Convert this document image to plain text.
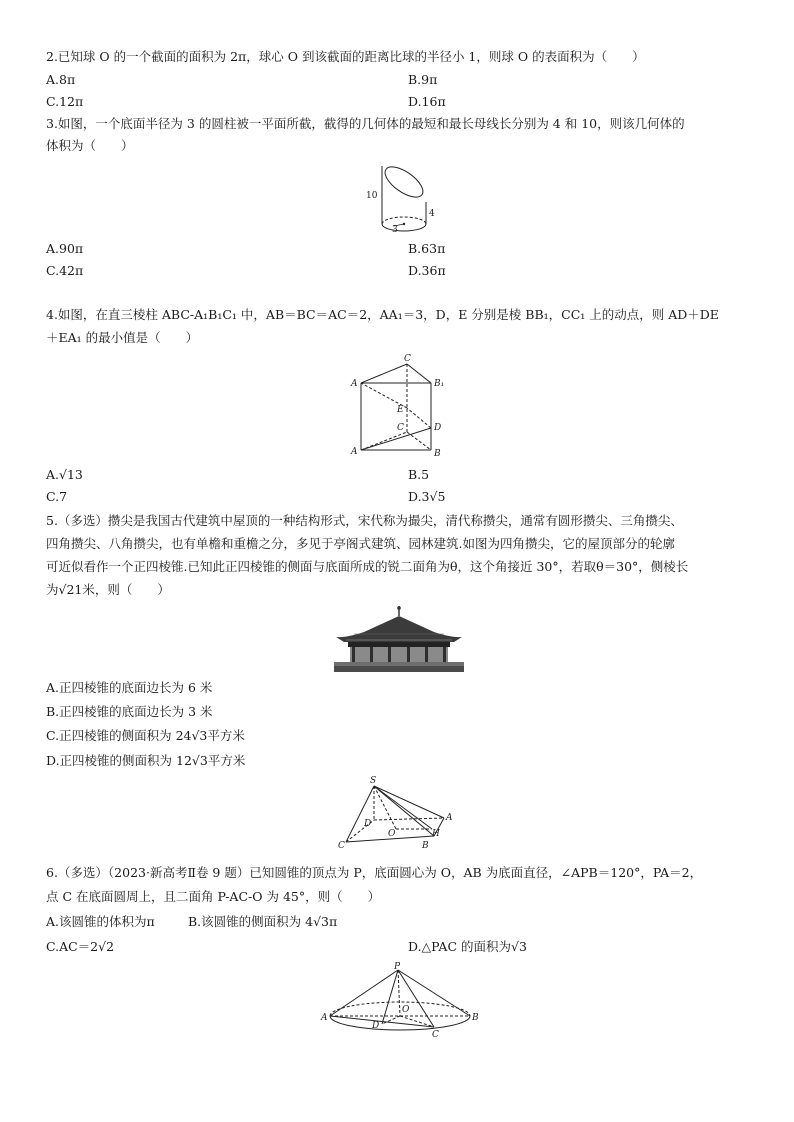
2.已知球 O 的一个截面的面积为 2π，球心 O 到该截面的距离比球的半径小 1，则球 O 的表面积为（　　）
A.8π	B.9π
C.12π	D.16π
3.如图，一个底面半径为 3 的圆柱被一平面所截，截得的几何体的最短和最长母线长分别为 4 和 10，则该几何体的
体积为（　　）
10
4
3
A.90π	B.63π
C.42π	D.36π
4.如图，在直三棱柱 ABC-A₁B₁C₁ 中，AB＝BC＝AC＝2，AA₁＝3，D，E 分别是棱 BB₁，CC₁ 上的动点，则 AD＋DE
＋EA₁ 的最小值是（　　）
C
A	B₁
E
C	D
A	B
A.√13	B.5
C.7	D.3√5
5.（多选）攒尖是我国古代建筑中屋顶的一种结构形式，宋代称为撮尖，清代称攒尖，通常有圆形攒尖、三角攒尖、
四角攒尖、八角攒尖，也有单檐和重檐之分，多见于亭阁式建筑、园林建筑.如图为四角攒尖，它的屋顶部分的轮廓
可近似看作一个正四棱锥.已知此正四棱锥的侧面与底面所成的锐二面角为θ，这个角接近 30°，若取θ＝30°，侧棱长
为√21米，则（　　）
A.正四棱锥的底面边长为 6 米
B.正四棱锥的底面边长为 3 米
C.正四棱锥的侧面积为 24√3平方米
D.正四棱锥的侧面积为 12√3平方米
S
D
A
O	H
C	B
6.（多选）（2023·新高考Ⅱ卷 9 题）已知圆锥的顶点为 P，底面圆心为 O，AB 为底面直径，∠APB＝120°，PA＝2，
点 C 在底面圆周上，且二面角 P-AC-O 为 45°，则（　　）
A.该圆锥的体积为π	B.该圆锥的侧面积为 4√3π
C.AC＝2√2	D.△PAC 的面积为√3
P
O
A	B
D
C
